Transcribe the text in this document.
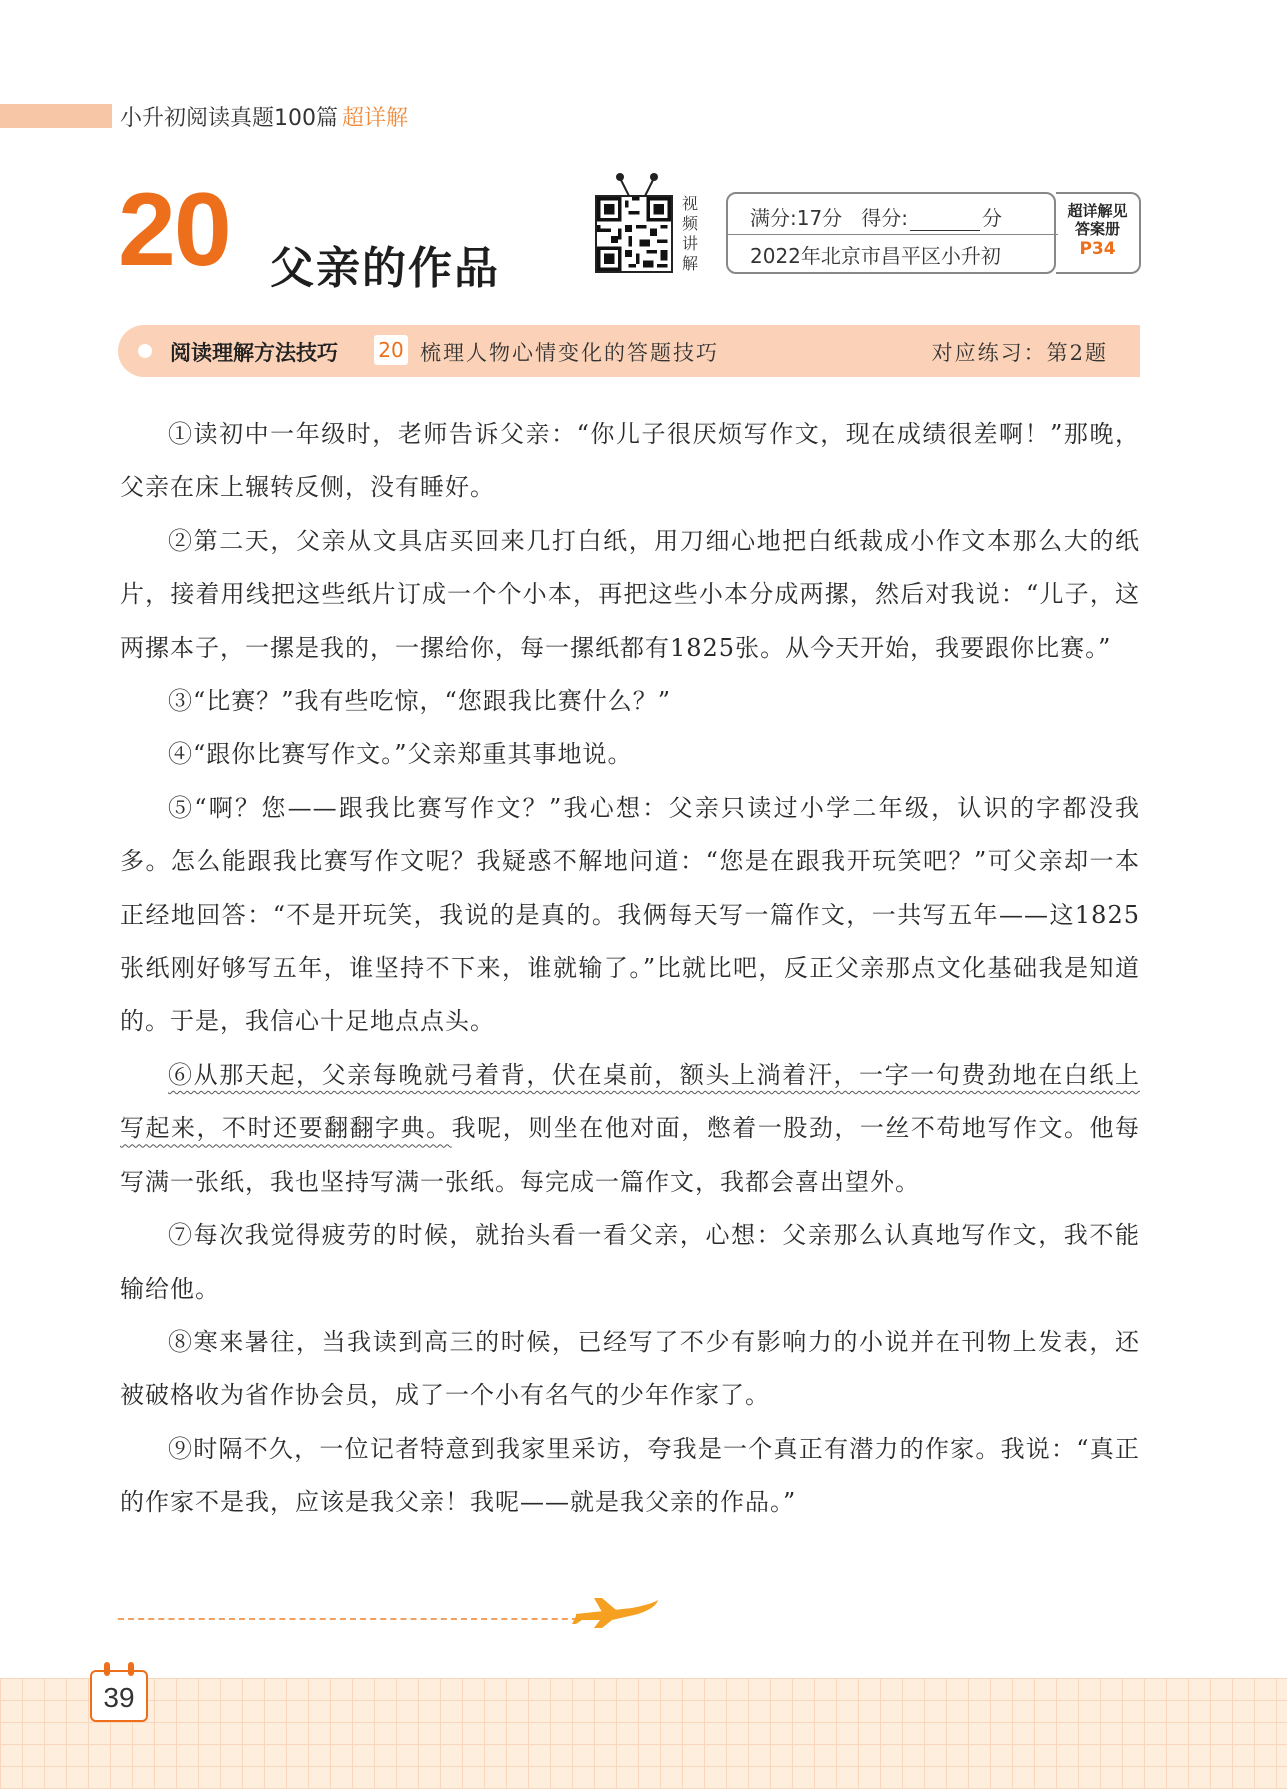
小升初阅读真题100篇 超详解
20 父亲的作品
视
频
讲
解
满分:17分 得分:	分
2022年北京市昌平区小升初
超详解见
答案册
P34
阅读理解方法技巧 20 梳理人物心情变化的答题技巧	对应练习：第2题

①读初中一年级时，老师告诉父亲：“你儿子很厌烦写作文，现在成绩很差啊！”那晚，父亲在床上辗转反侧，没有睡好。

②第二天，父亲从文具店买回来几打白纸，用刀细心地把白纸裁成小作文本那么大的纸片，接着用线把这些纸片订成一个个小本，再把这些小本分成两摞，然后对我说：“儿子，这两摞本子，一摞是我的，一摞给你，每一摞纸都有1825张。从今天开始，我要跟你比赛。”

③“比赛？”我有些吃惊，“您跟我比赛什么？”

④“跟你比赛写作文。”父亲郑重其事地说。

⑤“啊？您——跟我比赛写作文？”我心想：父亲只读过小学二年级，认识的字都没我多。怎么能跟我比赛写作文呢？我疑惑不解地问道：“您是在跟我开玩笑吧？”可父亲却一本正经地回答：“不是开玩笑，我说的是真的。我俩每天写一篇作文，一共写五年——这1825张纸刚好够写五年，谁坚持不下来，谁就输了。”比就比吧，反正父亲那点文化基础我是知道的。于是，我信心十足地点点头。

⑥从那天起，父亲每晚就弓着背，伏在桌前，额头上淌着汗，一字一句费劲地在白纸上写起来，不时还要翻翻字典。我呢，则坐在他对面，憋着一股劲，一丝不苟地写作文。他每写满一张纸，我也坚持写满一张纸。每完成一篇作文，我都会喜出望外。

⑦每次我觉得疲劳的时候，就抬头看一看父亲，心想：父亲那么认真地写作文，我不能输给他。

⑧寒来暑往，当我读到高三的时候，已经写了不少有影响力的小说并在刊物上发表，还被破格收为省作协会员，成了一个小有名气的少年作家了。

⑨时隔不久，一位记者特意到我家里采访，夸我是一个真正有潜力的作家。我说：“真正的作家不是我，应该是我父亲！我呢——就是我父亲的作品。”

39
